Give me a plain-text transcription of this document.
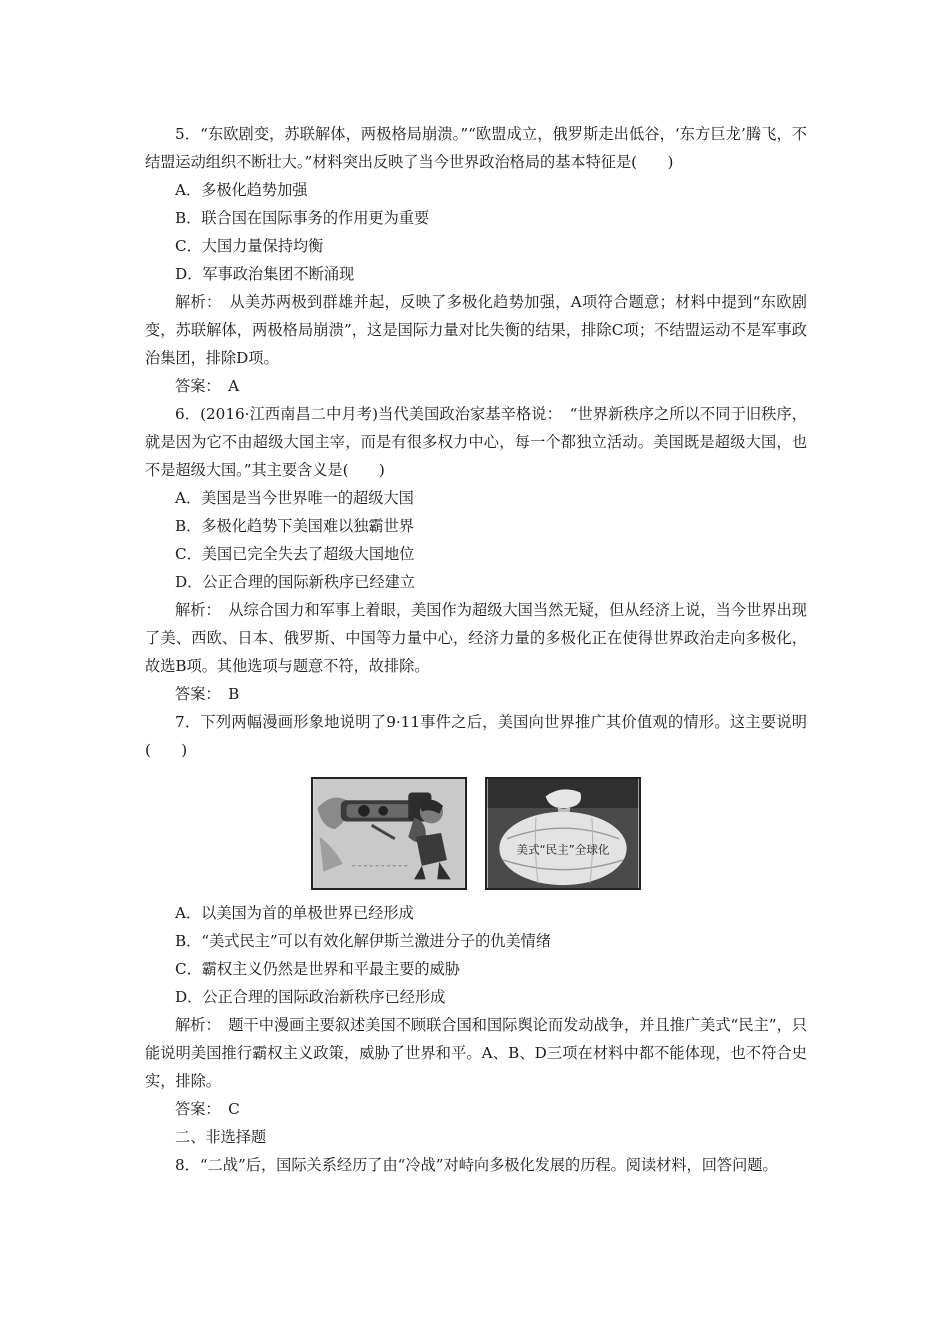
5．“东欧剧变，苏联解体，两极格局崩溃。”“欧盟成立，俄罗斯走出低谷，‘东方巨龙’腾飞，不结盟运动组织不断壮大。”材料突出反映了当今世界政治格局的基本特征是(　　)

A．多极化趋势加强

B．联合国在国际事务的作用更为重要

C．大国力量保持均衡

D．军事政治集团不断涌现

解析：　从美苏两极到群雄并起，反映了多极化趋势加强，A项符合题意；材料中提到“东欧剧变，苏联解体，两极格局崩溃”，这是国际力量对比失衡的结果，排除C项；不结盟运动不是军事政治集团，排除D项。

答案：　A

6．(2016·江西南昌二中月考)当代美国政治家基辛格说：　“世界新秩序之所以不同于旧秩序，就是因为它不由超级大国主宰，而是有很多权力中心，每一个都独立活动。美国既是超级大国，也不是超级大国。”其主要含义是(　　)

A．美国是当今世界唯一的超级大国

B．多极化趋势下美国难以独霸世界

C．美国已完全失去了超级大国地位

D．公正合理的国际新秩序已经建立

解析：　从综合国力和军事上着眼，美国作为超级大国当然无疑，但从经济上说，当今世界出现了美、西欧、日本、俄罗斯、中国等力量中心，经济力量的多极化正在使得世界政治走向多极化，故选B项。其他选项与题意不符，故排除。

答案：　B

7．下列两幅漫画形象地说明了9·11事件之后，美国向世界推广其价值观的情形。这主要说明(　　)

美式“民主”全球化

A．以美国为首的单极世界已经形成

B．“美式民主”可以有效化解伊斯兰激进分子的仇美情绪

C．霸权主义仍然是世界和平最主要的威胁

D．公正合理的国际政治新秩序已经形成

解析：　题干中漫画主要叙述美国不顾联合国和国际舆论而发动战争，并且推广美式“民主”，只能说明美国推行霸权主义政策，威胁了世界和平。A、B、D三项在材料中都不能体现，也不符合史实，排除。

答案：　C

二、非选择题

8．“二战”后，国际关系经历了由“冷战”对峙向多极化发展的历程。阅读材料，回答问题。
